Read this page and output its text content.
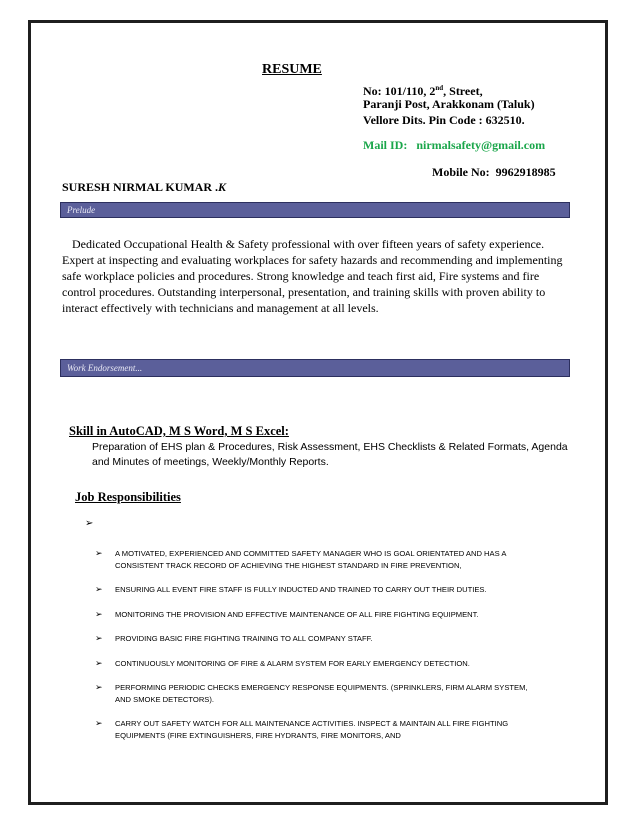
RESUME
No: 101/110, 2nd, Street,
Paranji Post, Arakkonam (Taluk)
Vellore Dits. Pin Code : 632510.
Mail ID: nirmalsafety@gmail.com
Mobile No: 9962918985
SURESH NIRMAL KUMAR .K
Prelude
Dedicated Occupational Health & Safety professional with over fifteen years of safety experience. Expert at inspecting and evaluating workplaces for safety hazards and recommending and implementing safe workplace policies and procedures. Strong knowledge and teach first aid, Fire systems and fire control procedures. Outstanding interpersonal, presentation, and training skills with proven ability to interact effectively with technicians and management at all levels.
Work Endorsement...
Skill in AutoCAD, M S Word, M S Excel:
Preparation of EHS plan & Procedures, Risk Assessment, EHS Checklists & Related Formats, Agenda and Minutes of meetings, Weekly/Monthly Reports.
Job Responsibilities
➢
➢ A MOTIVATED, EXPERIENCED AND COMMITTED SAFETY MANAGER WHO IS GOAL ORIENTATED AND HAS A CONSISTENT TRACK RECORD OF ACHIEVING THE HIGHEST STANDARD IN FIRE PREVENTION,
➢ ENSURING ALL EVENT FIRE STAFF IS FULLY INDUCTED AND TRAINED TO CARRY OUT THEIR DUTIES.
➢ MONITORING THE PROVISION AND EFFECTIVE MAINTENANCE OF ALL FIRE FIGHTING EQUIPMENT.
➢ PROVIDING BASIC FIRE FIGHTING TRAINING TO ALL COMPANY STAFF.
➢ CONTINUOUSLY MONITORING OF FIRE & ALARM SYSTEM FOR EARLY EMERGENCY DETECTION.
➢ PERFORMING PERIODIC CHECKS EMERGENCY RESPONSE EQUIPMENTS. (SPRINKLERS, FIRM ALARM SYSTEM, AND SMOKE DETECTORS).
➢ CARRY OUT SAFETY WATCH FOR ALL MAINTENANCE ACTIVITIES. INSPECT & MAINTAIN ALL FIRE FIGHTING EQUIPMENTS (FIRE EXTINGUISHERS, FIRE HYDRANTS, FIRE MONITORS, AND
